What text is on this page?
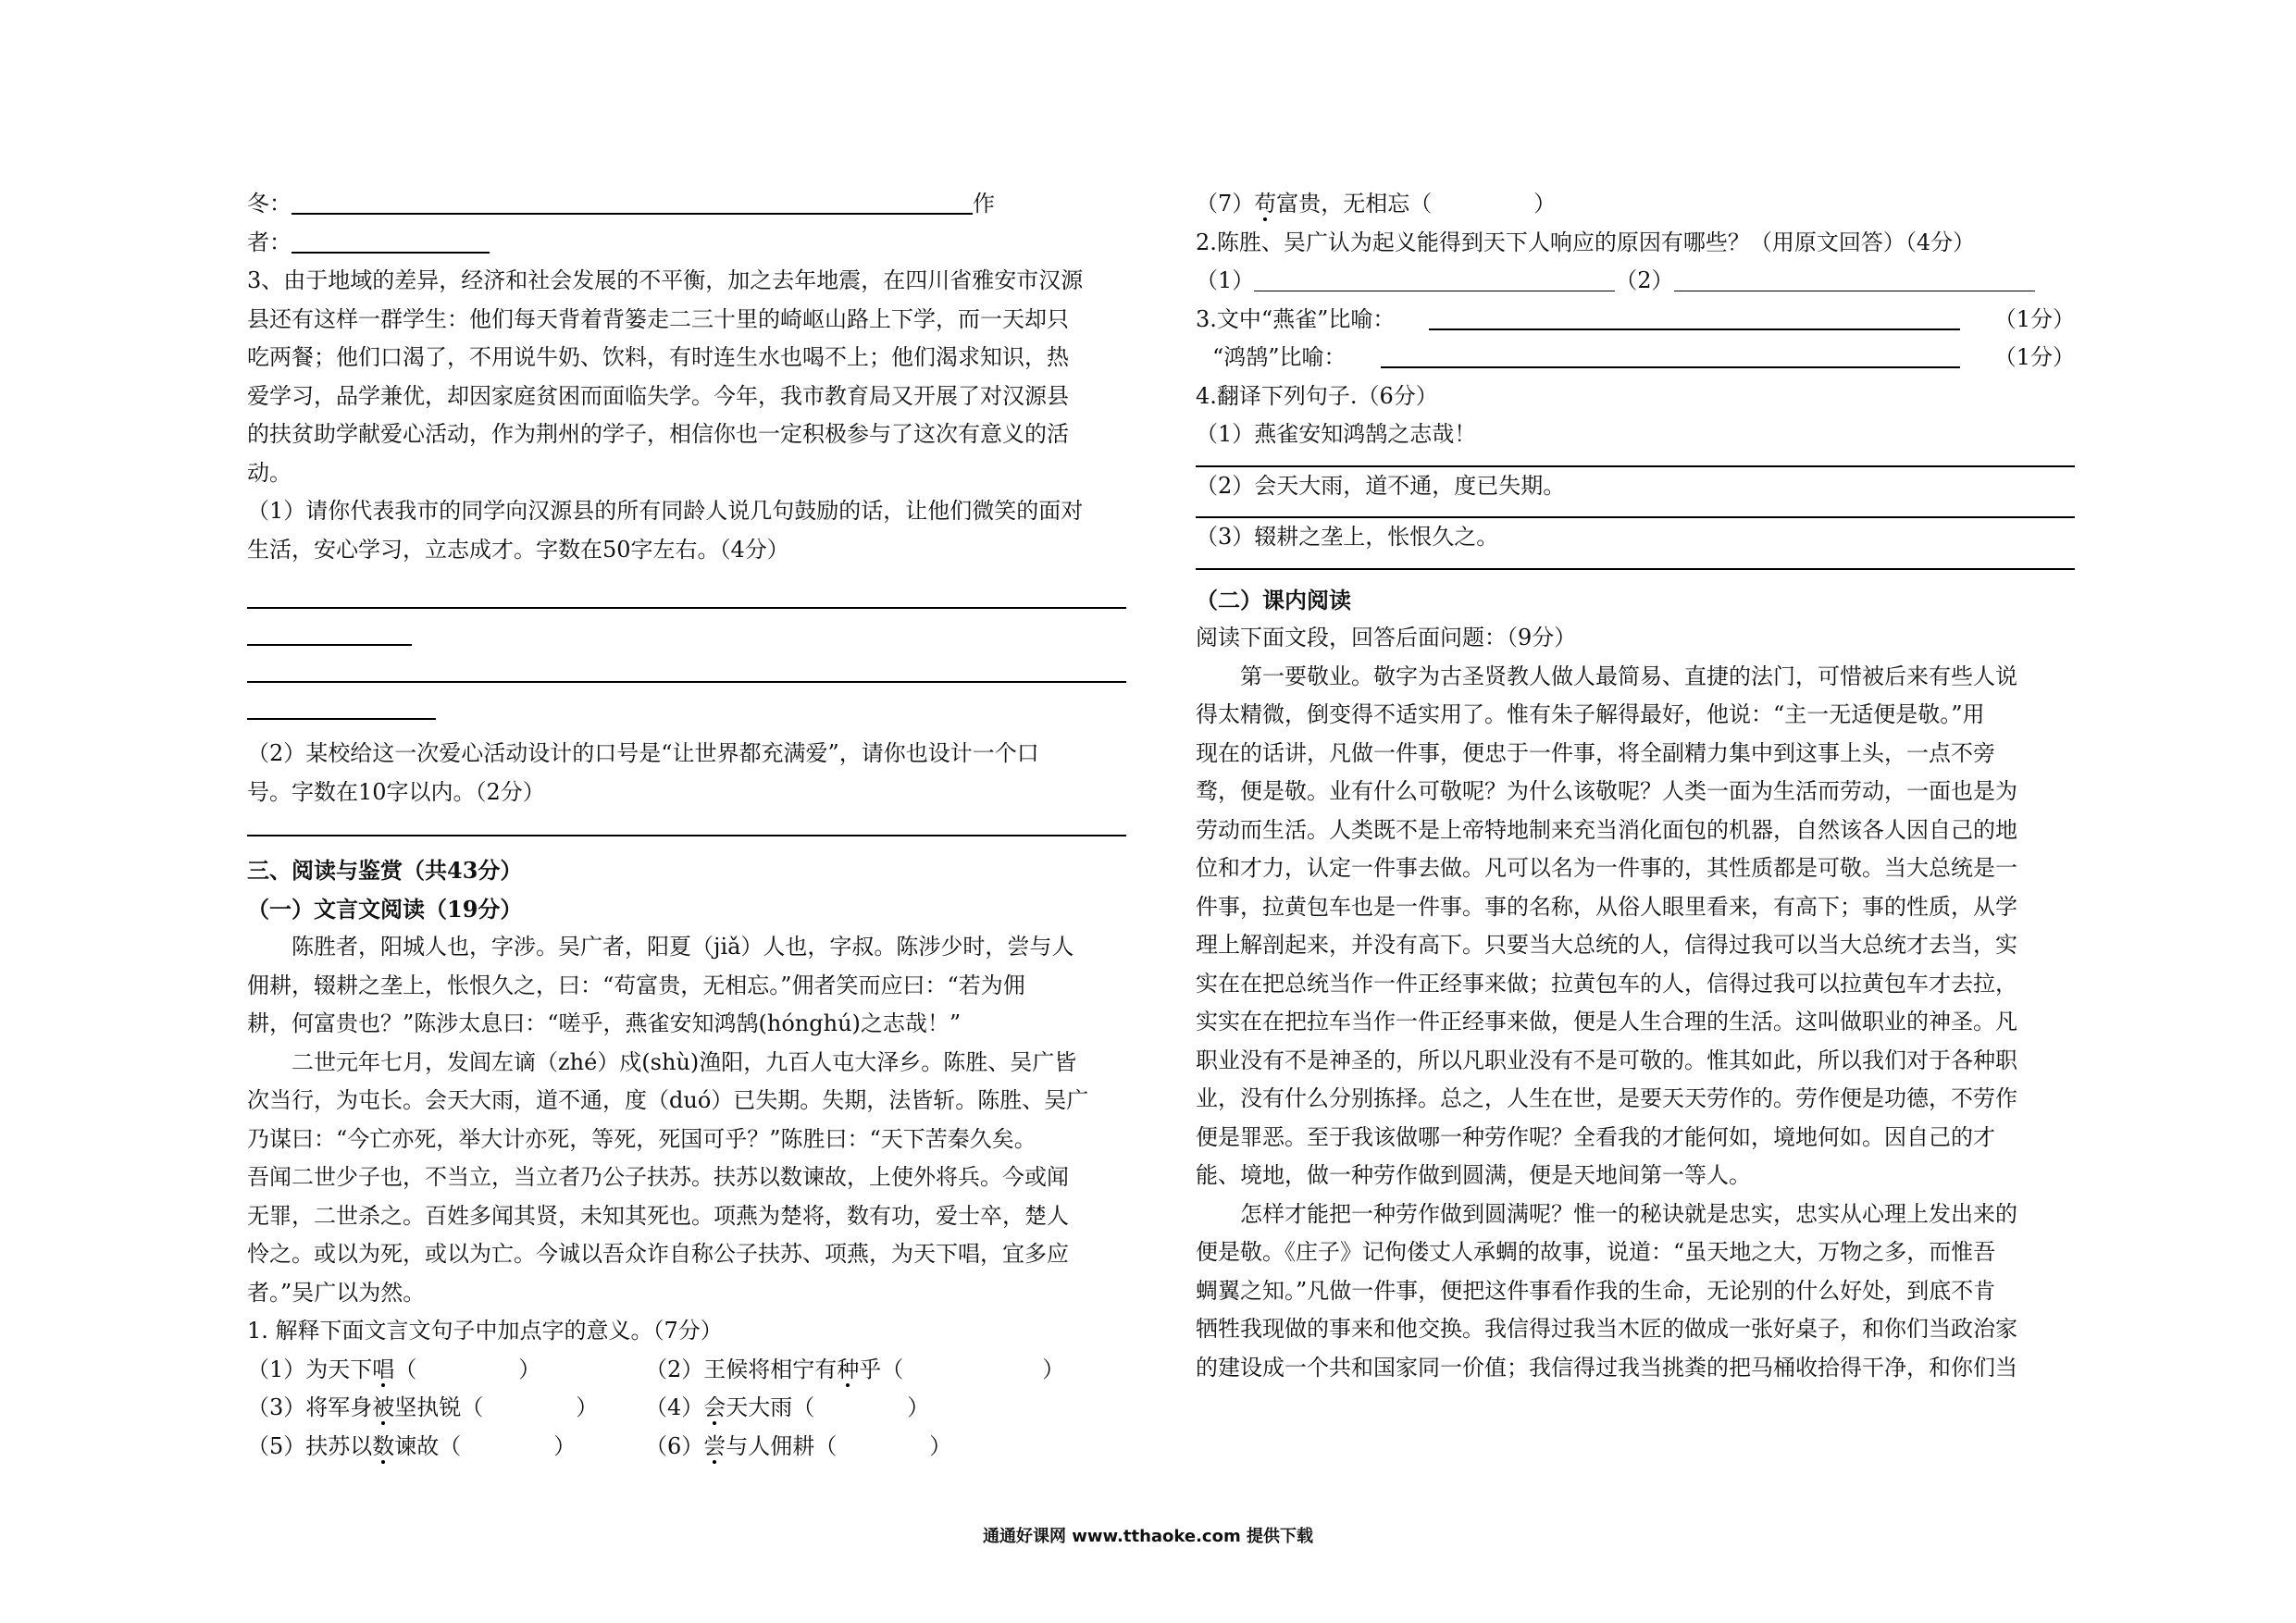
冬：	作
者：
3、由于地域的差异，经济和社会发展的不平衡，加之去年地震，在四川省雅安市汉源
县还有这样一群学生：他们每天背着背篓走二三十里的崎岖山路上下学，而一天却只
吃两餐；他们口渴了，不用说牛奶、饮料，有时连生水也喝不上；他们渴求知识，热
爱学习，品学兼优，却因家庭贫困而面临失学。今年，我市教育局又开展了对汉源县
的扶贫助学献爱心活动，作为荆州的学子，相信你也一定积极参与了这次有意义的活
动。
（1）请你代表我市的同学向汉源县的所有同龄人说几句鼓励的话，让他们微笑的面对
生活，安心学习，立志成才。字数在50字左右。（4分）
（2）某校给这一次爱心活动设计的口号是“让世界都充满爱”，请你也设计一个口
号。字数在10字以内。（2分）
三、阅读与鉴赏（共43分）
（一）文言文阅读（19分）
陈胜者，阳城人也，字涉。吴广者，阳夏（jiǎ）人也，字叔。陈涉少时，尝与人
佣耕，辍耕之垄上，怅恨久之，曰：“苟富贵，无相忘。”佣者笑而应曰：“若为佣
耕，何富贵也？”陈涉太息曰：“嗟乎，燕雀安知鸿鹄(hónghú)之志哉！”
二世元年七月，发闾左谪（zhé）戍(shù)渔阳，九百人屯大泽乡。陈胜、吴广皆
次当行，为屯长。会天大雨，道不通，度（duó）已失期。失期，法皆斩。陈胜、吴广
乃谋曰：“今亡亦死，举大计亦死，等死，死国可乎？”陈胜曰：“天下苦秦久矣。
吾闻二世少子也，不当立，当立者乃公子扶苏。扶苏以数谏故，上使外将兵。今或闻
无罪，二世杀之。百姓多闻其贤，未知其死也。项燕为楚将，数有功，爱士卒，楚人
怜之。或以为死，或以为亡。今诚以吾众诈自称公子扶苏、项燕，为天下唱，宜多应
者。”吴广以为然。
1. 解释下面文言文句子中加点字的意义。（7分）
（1）为天下唱（	）	（2）王候将相宁有种乎（	）
（3）将军身被坚执锐（	） （4）会天大雨（	）
（5）扶苏以数谏故（	）	（6）尝与人佣耕（	）
（7）苟富贵，无相忘（	）
2.陈胜、吴广认为起义能得到天下人响应的原因有哪些？（用原文回答）（4分）
（1）	（2）
3.文中“燕雀”比喻：	（1分）
“鸿鹄”比喻：	（1分）
4.翻译下列句子.（6分）
（1）燕雀安知鸿鹄之志哉！
（2）会天大雨，道不通，度已失期。
（3）辍耕之垄上，怅恨久之。
（二）课内阅读
阅读下面文段，回答后面问题：（9分）
第一要敬业。敬字为古圣贤教人做人最简易、直捷的法门，可惜被后来有些人说
得太精微，倒变得不适实用了。惟有朱子解得最好，他说：“主一无适便是敬。”用
现在的话讲，凡做一件事，便忠于一件事，将全副精力集中到这事上头，一点不旁
骛，便是敬。业有什么可敬呢？为什么该敬呢？人类一面为生活而劳动，一面也是为
劳动而生活。人类既不是上帝特地制来充当消化面包的机器，自然该各人因自己的地
位和才力，认定一件事去做。凡可以名为一件事的，其性质都是可敬。当大总统是一
件事，拉黄包车也是一件事。事的名称，从俗人眼里看来，有高下；事的性质，从学
理上解剖起来，并没有高下。只要当大总统的人，信得过我可以当大总统才去当，实
实在在把总统当作一件正经事来做；拉黄包车的人，信得过我可以拉黄包车才去拉，
实实在在把拉车当作一件正经事来做，便是人生合理的生活。这叫做职业的神圣。凡
职业没有不是神圣的，所以凡职业没有不是可敬的。惟其如此，所以我们对于各种职
业，没有什么分别拣择。总之，人生在世，是要天天劳作的。劳作便是功德，不劳作
便是罪恶。至于我该做哪一种劳作呢？全看我的才能何如，境地何如。因自己的才
能、境地，做一种劳作做到圆满，便是天地间第一等人。
怎样才能把一种劳作做到圆满呢？惟一的秘诀就是忠实，忠实从心理上发出来的
便是敬。《庄子》记佝偻丈人承蜩的故事，说道：“虽天地之大，万物之多，而惟吾
蜩翼之知。”凡做一件事，便把这件事看作我的生命，无论别的什么好处，到底不肯
牺牲我现做的事来和他交换。我信得过我当木匠的做成一张好桌子，和你们当政治家
的建设成一个共和国家同一价值；我信得过我当挑粪的把马桶收拾得干净，和你们当
通通好课网 www.tthaoke.com 提供下载
